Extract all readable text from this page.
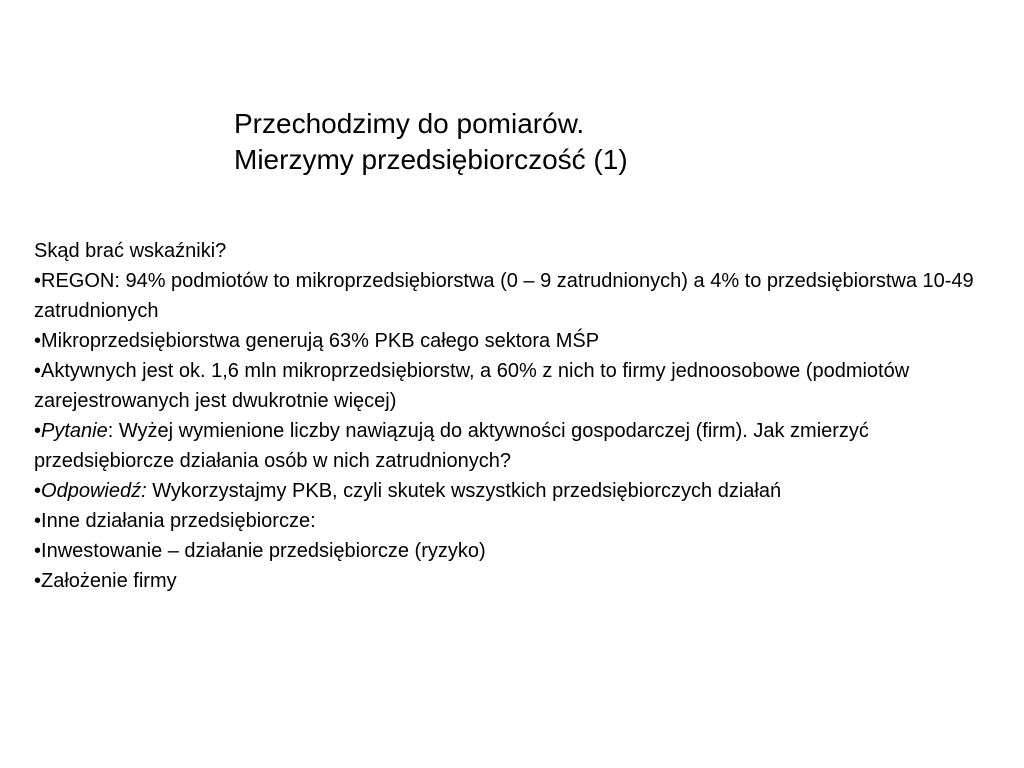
Przechodzimy do pomiarów.
Mierzymy przedsiębiorczość (1)

Skąd brać wskaźniki?

•REGON: 94% podmiotów to mikroprzedsiębiorstwa (0 – 9 zatrudnionych) a 4% to przedsiębiorstwa 10-49 zatrudnionych

•Mikroprzedsiębiorstwa generują 63% PKB całego sektora MŚP

•Aktywnych jest ok. 1,6 mln mikroprzedsiębiorstw, a 60% z nich to firmy jednoosobowe (podmiotów zarejestrowanych jest dwukrotnie więcej)

•Pytanie: Wyżej wymienione liczby nawiązują do aktywności gospodarczej (firm). Jak zmierzyć przedsiębiorcze działania osób w nich zatrudnionych?

•Odpowiedź: Wykorzystajmy PKB, czyli skutek wszystkich przedsiębiorczych działań

•Inne działania przedsiębiorcze:

•Inwestowanie – działanie przedsiębiorcze (ryzyko)

•Założenie firmy
